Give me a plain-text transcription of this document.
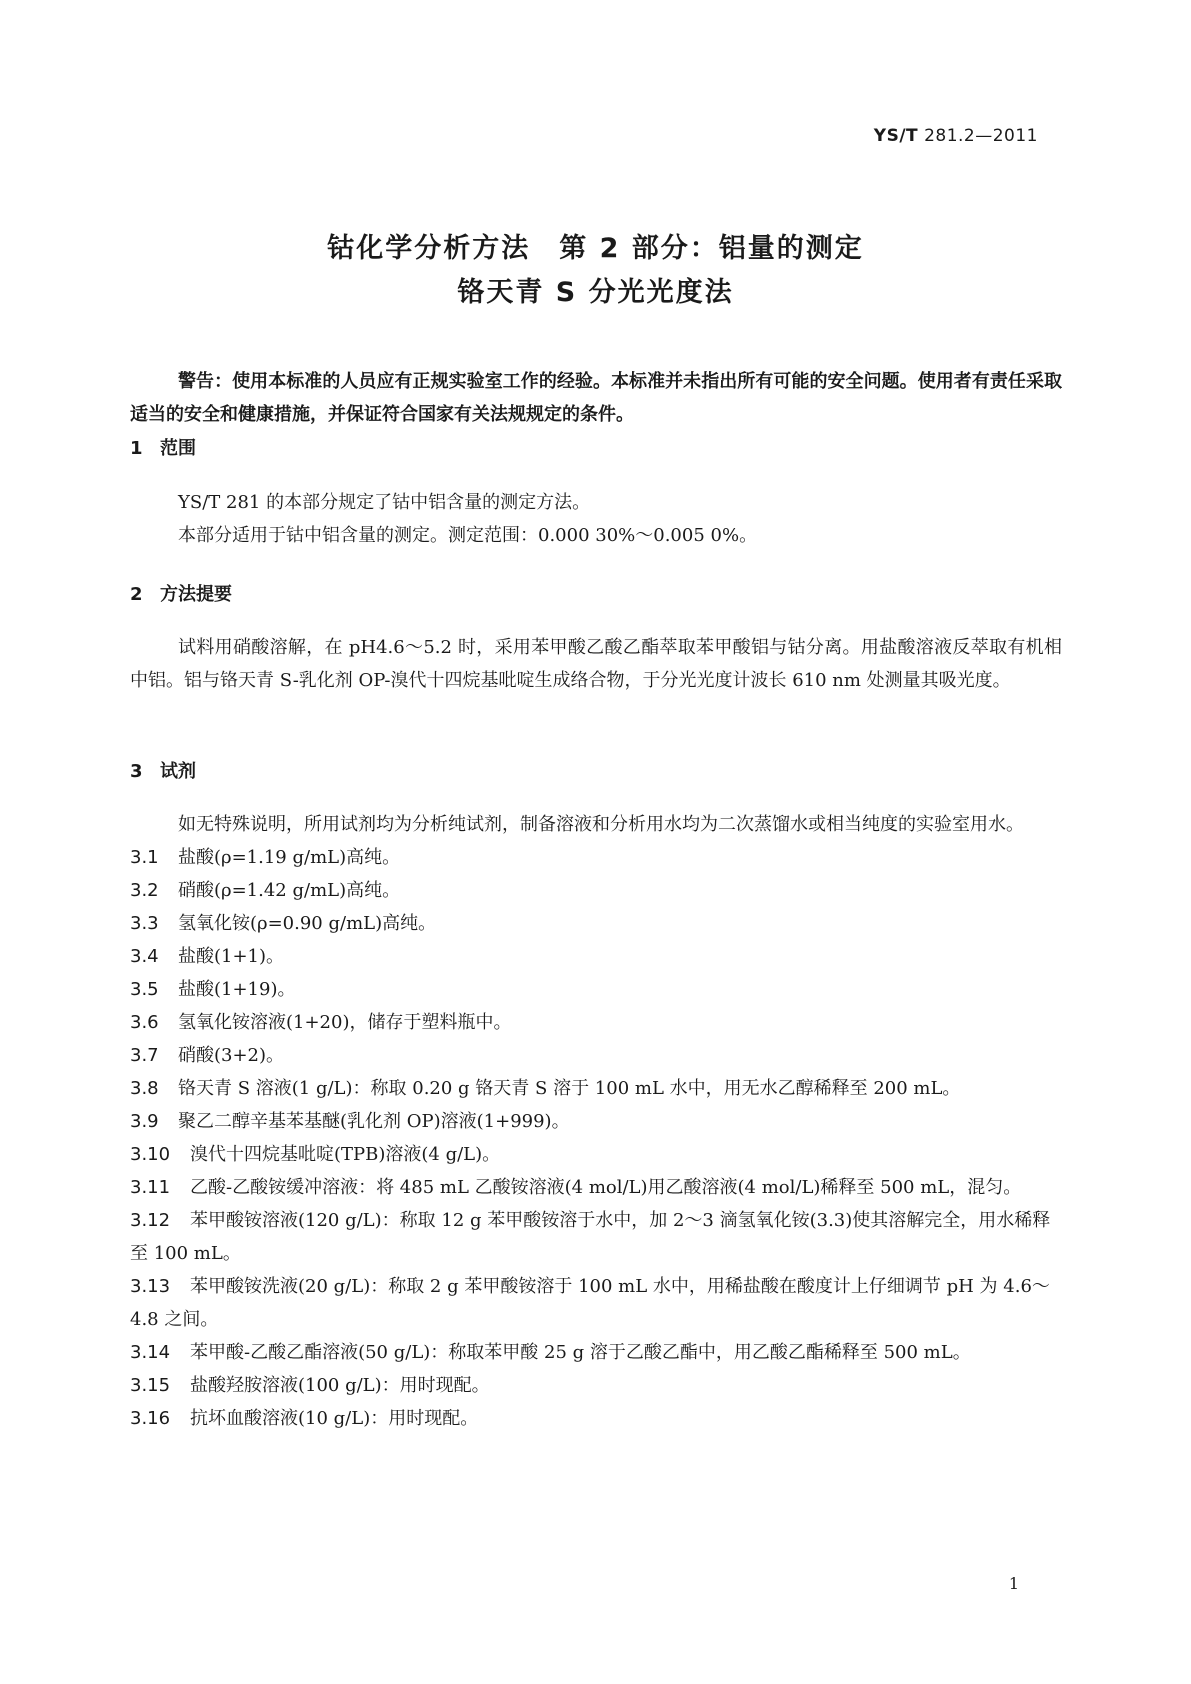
YS/T 281.2—2011
钴化学分析方法　第 2 部分：铝量的测定
铬天青 S 分光光度法
警告：使用本标准的人员应有正规实验室工作的经验。本标准并未指出所有可能的安全问题。使用者有责任采取适当的安全和健康措施，并保证符合国家有关法规规定的条件。
1 范围

YS/T 281 的本部分规定了钴中铝含量的测定方法。

本部分适用于钴中铝含量的测定。测定范围：0.000 30%～0.005 0%。

2 方法提要

试料用硝酸溶解，在 pH4.6～5.2 时，采用苯甲酸乙酸乙酯萃取苯甲酸铝与钴分离。用盐酸溶液反萃取有机相中铝。铝与铬天青 S-乳化剂 OP-溴代十四烷基吡啶生成络合物，于分光光度计波长 610 nm 处测量其吸光度。

3 试剂

如无特殊说明，所用试剂均为分析纯试剂，制备溶液和分析用水均为二次蒸馏水或相当纯度的实验室用水。

3.1 盐酸(ρ=1.19 g/mL)高纯。

3.2 硝酸(ρ=1.42 g/mL)高纯。

3.3 氢氧化铵(ρ=0.90 g/mL)高纯。

3.4 盐酸(1+1)。

3.5 盐酸(1+19)。

3.6 氢氧化铵溶液(1+20)，储存于塑料瓶中。

3.7 硝酸(3+2)。

3.8 铬天青 S 溶液(1 g/L)：称取 0.20 g 铬天青 S 溶于 100 mL 水中，用无水乙醇稀释至 200 mL。

3.9 聚乙二醇辛基苯基醚(乳化剂 OP)溶液(1+999)。

3.10 溴代十四烷基吡啶(TPB)溶液(4 g/L)。

3.11 乙酸-乙酸铵缓冲溶液：将 485 mL 乙酸铵溶液(4 mol/L)用乙酸溶液(4 mol/L)稀释至 500 mL，混匀。

3.12 苯甲酸铵溶液(120 g/L)：称取 12 g 苯甲酸铵溶于水中，加 2～3 滴氢氧化铵(3.3)使其溶解完全，用水稀释至 100 mL。

3.13 苯甲酸铵洗液(20 g/L)：称取 2 g 苯甲酸铵溶于 100 mL 水中，用稀盐酸在酸度计上仔细调节 pH 为 4.6～4.8 之间。

3.14 苯甲酸-乙酸乙酯溶液(50 g/L)：称取苯甲酸 25 g 溶于乙酸乙酯中，用乙酸乙酯稀释至 500 mL。

3.15 盐酸羟胺溶液(100 g/L)：用时现配。

3.16 抗坏血酸溶液(10 g/L)：用时现配。

1
